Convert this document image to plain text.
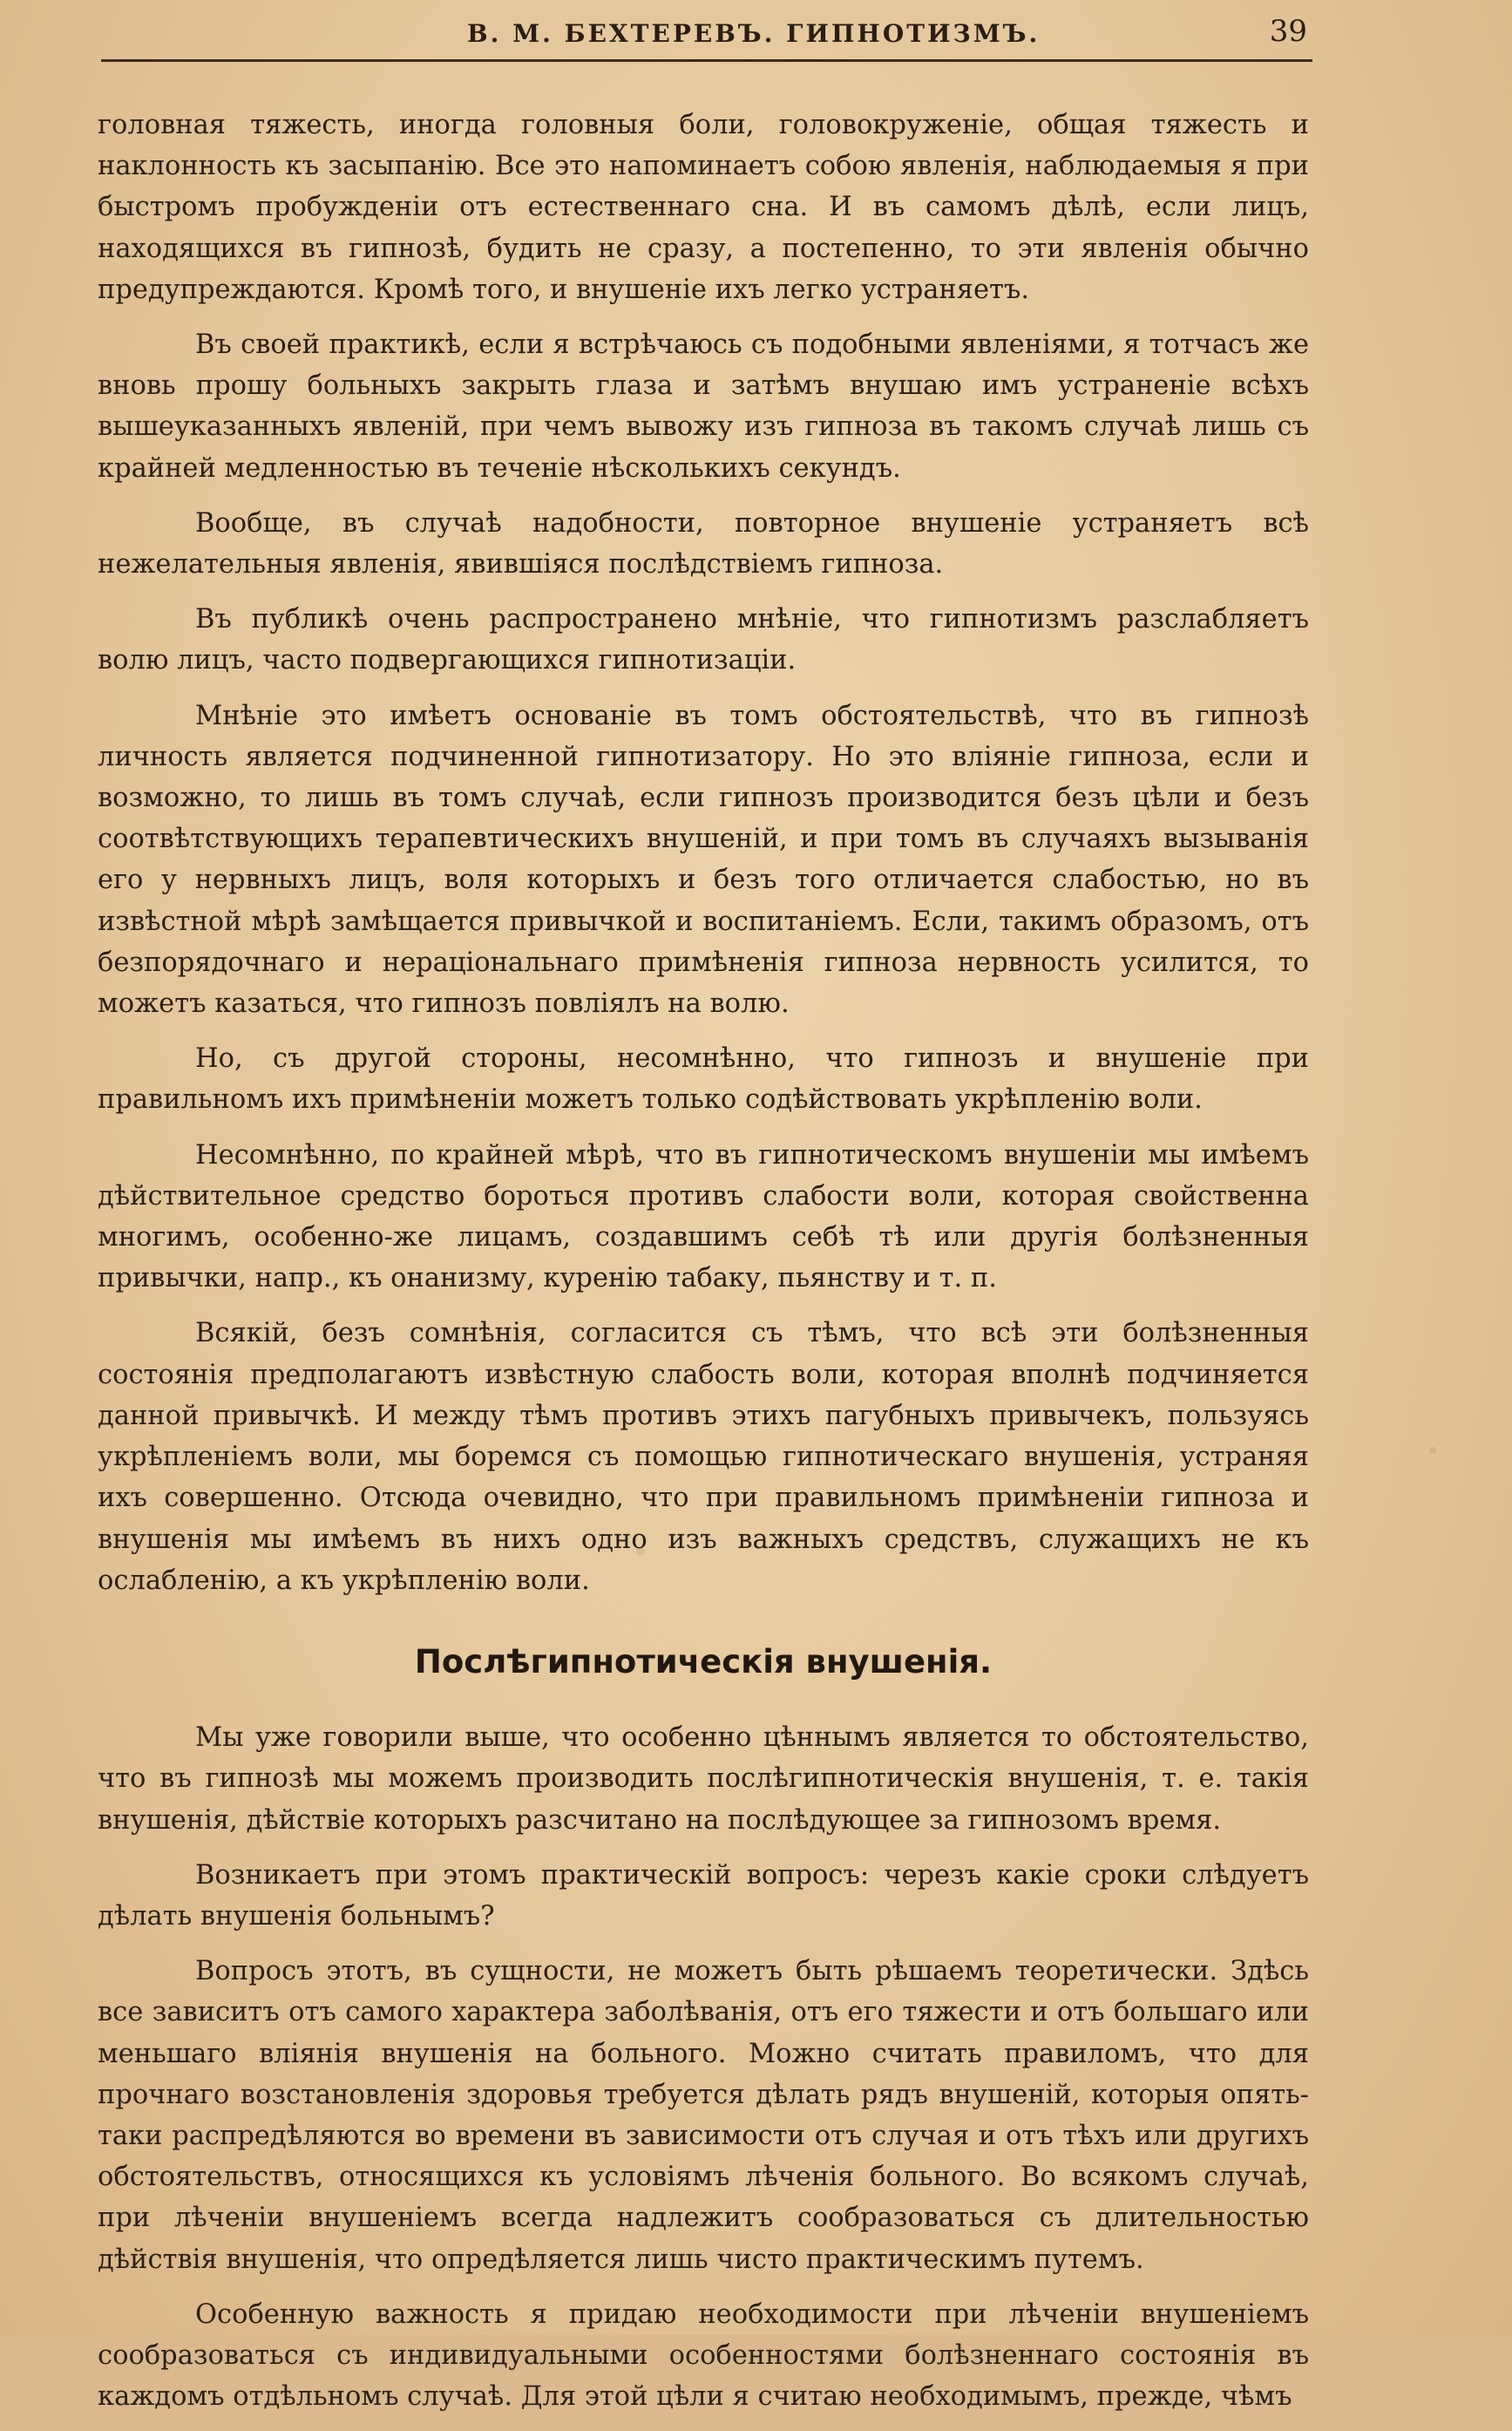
В. М. БЕХТЕРЕВЪ. ГИПНОТИЗМЪ.	39

головная тяжесть, иногда головныя боли, головокруженіе, общая тяжесть и наклонность къ засыпанію. Все это напоминаетъ собою явленія, наблюдаемыя я при быстромъ пробужденіи отъ естественнаго сна. И въ самомъ дѣлѣ, если лицъ, находящихся въ гипнозѣ, будить не сразу, а постепенно, то эти явленія обычно предупреждаются. Кромѣ того, и внушеніе ихъ легко устраняетъ.

Въ своей практикѣ, если я встрѣчаюсь съ подобными явленіями, я тотчасъ же вновь прошу больныхъ закрыть глаза и затѣмъ внушаю имъ устраненіе всѣхъ вышеуказанныхъ явленій, при чемъ вывожу изъ гипноза въ такомъ случаѣ лишь съ крайней медленностью въ теченіе нѣсколькихъ секундъ.

Вообще, въ случаѣ надобности, повторное внушеніе устраняетъ всѣ нежелательныя явленія, явившіяся послѣдствіемъ гипноза.

Въ публикѣ очень распространено мнѣніе, что гипнотизмъ разслабляетъ волю лицъ, часто подвергающихся гипнотизаціи.

Мнѣніе это имѣетъ основаніе въ томъ обстоятельствѣ, что въ гипнозѣ личность является подчиненной гипнотизатору. Но это вліяніе гипноза, если и возможно, то лишь въ томъ случаѣ, если гипнозъ производится безъ цѣли и безъ соотвѣтствующихъ терапевтическихъ внушеній, и при томъ въ случаяхъ вызыванія его у нервныхъ лицъ, воля которыхъ и безъ того отличается слабостью, но въ извѣстной мѣрѣ замѣщается привычкой и воспитаніемъ. Если, такимъ образомъ, отъ безпорядочнаго и нераціональнаго примѣненія гипноза нервность усилится, то можетъ казаться, что гипнозъ повліялъ на волю.

Но, съ другой стороны, несомнѣнно, что гипнозъ и внушеніе при правильномъ ихъ примѣненіи можетъ только содѣйствовать укрѣпленію воли.

Несомнѣнно, по крайней мѣрѣ, что въ гипнотическомъ внушеніи мы имѣемъ дѣйствительное средство бороться противъ слабости воли, которая свойственна многимъ, особенно-же лицамъ, создавшимъ себѣ тѣ или другія болѣзненныя привычки, напр., къ онанизму, куренію табаку, пьянству и т. п.

Всякій, безъ сомнѣнія, согласится съ тѣмъ, что всѣ эти болѣзненныя состоянія предполагаютъ извѣстную слабость воли, которая вполнѣ подчиняется данной привычкѣ. И между тѣмъ противъ этихъ пагубныхъ привычекъ, пользуясь укрѣпленіемъ воли, мы боремся съ помощью гипнотическаго внушенія, устраняя ихъ совершенно. Отсюда очевидно, что при правильномъ примѣненіи гипноза и внушенія мы имѣемъ въ нихъ одно изъ важныхъ средствъ, служащихъ не къ ослабленію, а къ укрѣпленію воли.

Послѣгипнотическія внушенія.

Мы уже говорили выше, что особенно цѣннымъ является то обстоятельство, что въ гипнозѣ мы можемъ производить послѣгипнотическія внушенія, т. е. такія внушенія, дѣйствіе которыхъ разсчитано на послѣдующее за гипнозомъ время.

Возникаетъ при этомъ практическій вопросъ: черезъ какіе сроки слѣдуетъ дѣлать внушенія больнымъ?

Вопросъ этотъ, въ сущности, не можетъ быть рѣшаемъ теоретически. Здѣсь все зависитъ отъ самого характера заболѣванія, отъ его тяжести и отъ большаго или меньшаго вліянія внушенія на больного. Можно считать правиломъ, что для прочнаго возстановленія здоровья требуется дѣлать рядъ внушеній, которыя опять-таки распредѣляются во времени въ зависимости отъ случая и отъ тѣхъ или другихъ обстоятельствъ, относящихся къ условіямъ лѣченія больного. Во всякомъ случаѣ, при лѣченіи внушеніемъ всегда надлежитъ сообразоваться съ длительностью дѣйствія внушенія, что опредѣляется лишь чисто практическимъ путемъ.

Особенную важность я придаю необходимости при лѣченіи внушеніемъ сообразоваться съ индивидуальными особенностями болѣзненнаго состоянія въ каждомъ отдѣльномъ случаѣ. Для этой цѣли я считаю необходимымъ, прежде, чѣмъ
